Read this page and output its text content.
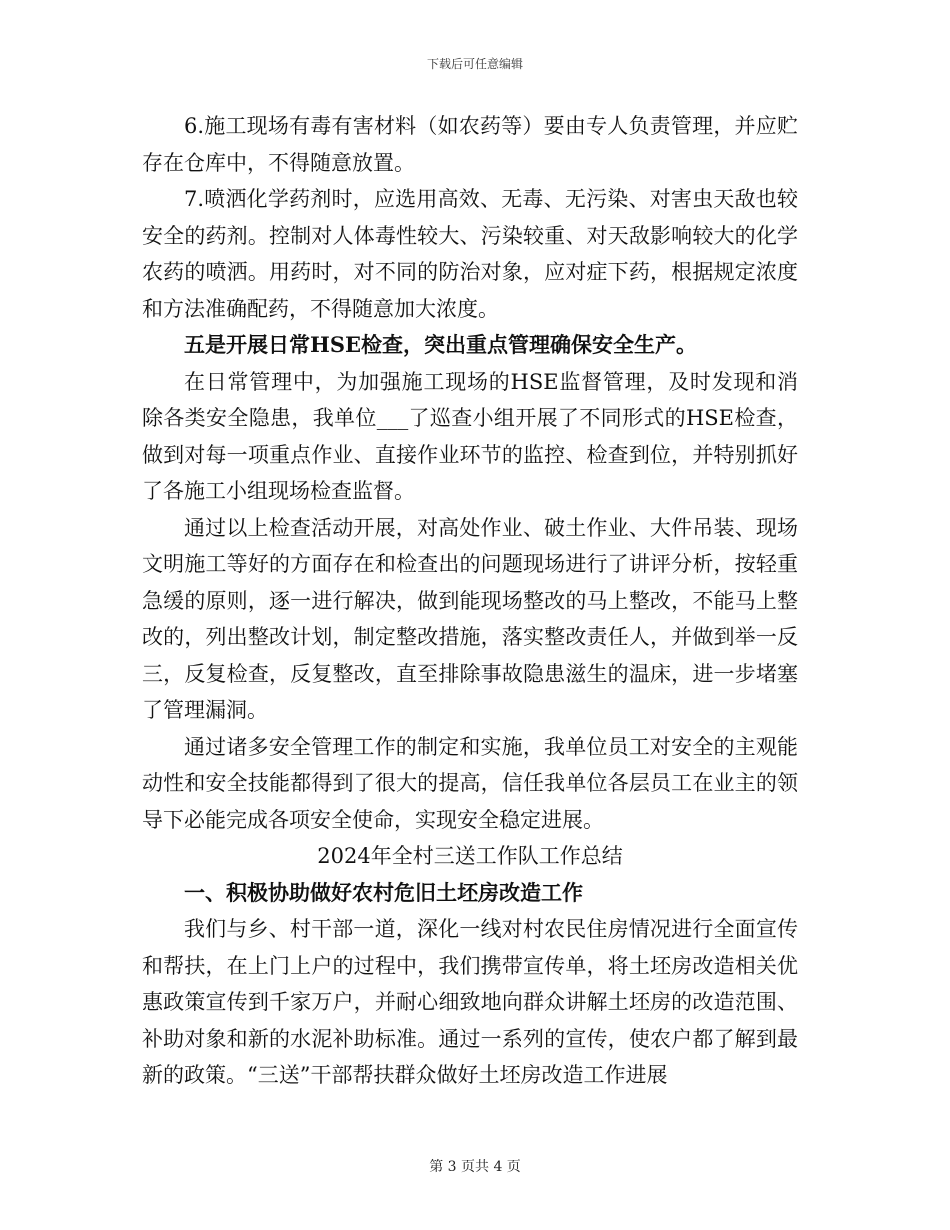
下载后可任意编辑

6.施工现场有毒有害材料（如农药等）要由专人负责管理，并应贮存在仓库中，不得随意放置。

7.喷洒化学药剂时，应选用高效、无毒、无污染、对害虫天敌也较安全的药剂。控制对人体毒性较大、污染较重、对天敌影响较大的化学农药的喷洒。用药时，对不同的防治对象，应对症下药，根据规定浓度和方法准确配药，不得随意加大浓度。

五是开展日常HSE检查，突出重点管理确保安全生产。

在日常管理中，为加强施工现场的HSE监督管理，及时发现和消除各类安全隐患，我单位___了巡查小组开展了不同形式的HSE检查，做到对每一项重点作业、直接作业环节的监控、检查到位，并特别抓好了各施工小组现场检查监督。

通过以上检查活动开展，对高处作业、破土作业、大件吊装、现场文明施工等好的方面存在和检查出的问题现场进行了讲评分析，按轻重急缓的原则，逐一进行解决，做到能现场整改的马上整改，不能马上整改的，列出整改计划，制定整改措施，落实整改责任人，并做到举一反三，反复检查，反复整改，直至排除事故隐患滋生的温床，进一步堵塞了管理漏洞。

通过诸多安全管理工作的制定和实施，我单位员工对安全的主观能动性和安全技能都得到了很大的提高，信任我单位各层员工在业主的领导下必能完成各项安全使命，实现安全稳定进展。

2024年全村三送工作队工作总结

一、积极协助做好农村危旧土坯房改造工作

我们与乡、村干部一道，深化一线对村农民住房情况进行全面宣传和帮扶，在上门上户的过程中，我们携带宣传单，将土坯房改造相关优惠政策宣传到千家万户，并耐心细致地向群众讲解土坯房的改造范围、补助对象和新的水泥补助标准。通过一系列的宣传，使农户都了解到最新的政策。“三送”干部帮扶群众做好土坯房改造工作进展

第 3 页共 4 页
